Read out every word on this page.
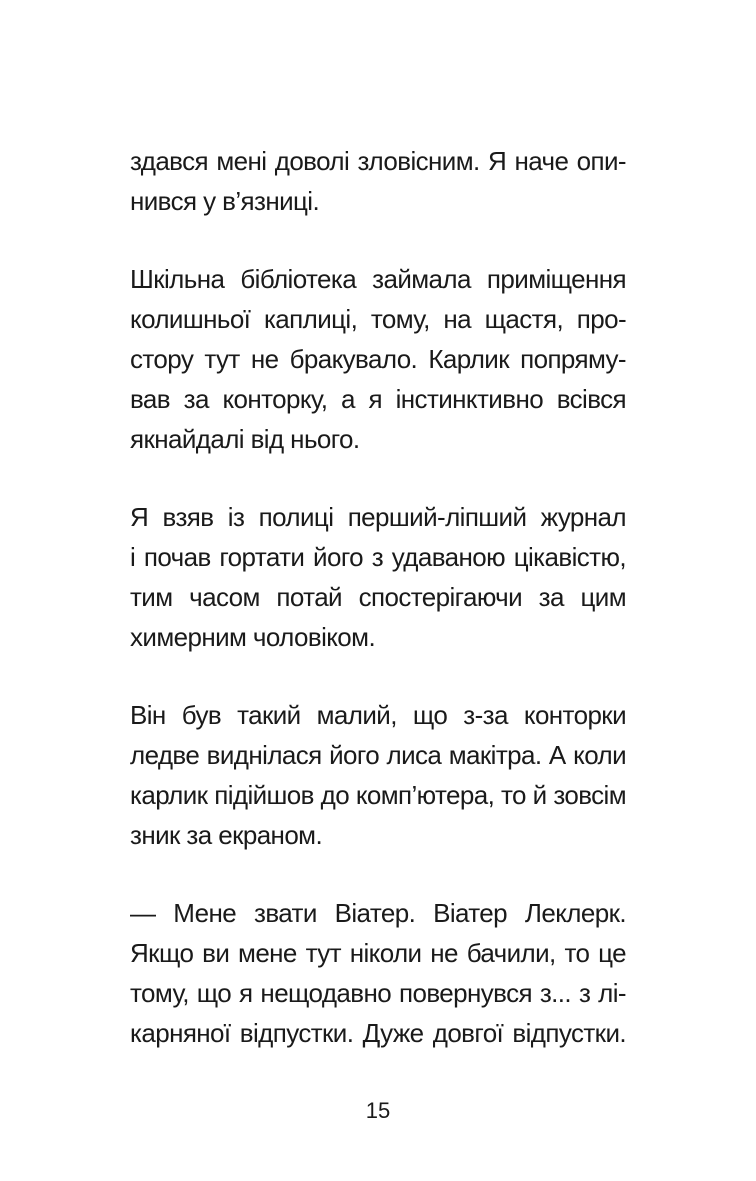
здався мені доволі зловісним. Я наче опи-
нився у в’язниці.
Шкільна бібліотека займала приміщення
колишньої каплиці, тому, на щастя, про-
стору тут не бракувало. Карлик попряму-
вав за конторку, а я інстинктивно всівся
якнайдалі від нього.
Я взяв із полиці перший-ліпший журнал
і почав гортати його з удаваною цікавістю,
тим часом потай спостерігаючи за цим
химерним чоловіком.
Він був такий малий, що з-за конторки
ледве виднілася його лиса макітра. А коли
карлик підійшов до комп’ютера, то й зовсім
зник за екраном.
— Мене звати Віатер. Віатер Леклерк.
Якщо ви мене тут ніколи не бачили, то це
тому, що я нещодавно повернувся з... з лі-
карняної відпустки. Дуже довгої відпустки.
15
